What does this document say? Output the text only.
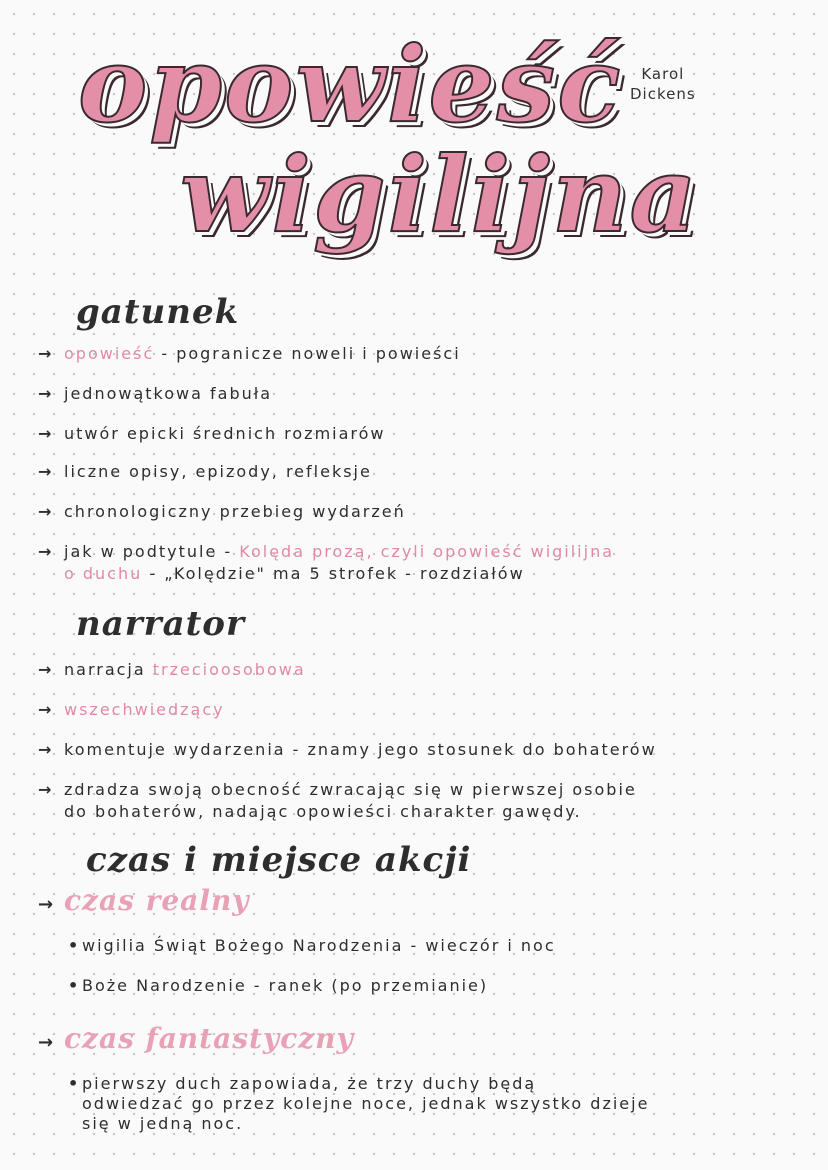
opowieść
wigilijna
Karol
Dickens
gatunek
→ opowieść - pogranicze noweli i powieści
→ jednowątkowa fabuła
→ utwór epicki średnich rozmiarów
→ liczne opisy, epizody, refleksje
→ chronologiczny przebieg wydarzeń
→ jak w podtytule - Kolęda prozą, czyli opowieść wigilijna
o duchu - „Kolędzie" ma 5 strofek - rozdziałów
narrator
→ narracja trzecioosobowa
→ wszechwiedzący
→ komentuje wydarzenia - znamy jego stosunek do bohaterów
→ zdradza swoją obecność zwracając się w pierwszej osobie
do bohaterów, nadając opowieści charakter gawędy.
czas i miejsce akcji
→ czas realny
• wigilia Świąt Bożego Narodzenia - wieczór i noc
• Boże Narodzenie - ranek (po przemianie)
→ czas fantastyczny
• pierwszy duch zapowiada, że trzy duchy będą
odwiedzać go przez kolejne noce, jednak wszystko dzieje
się w jedną noc.
